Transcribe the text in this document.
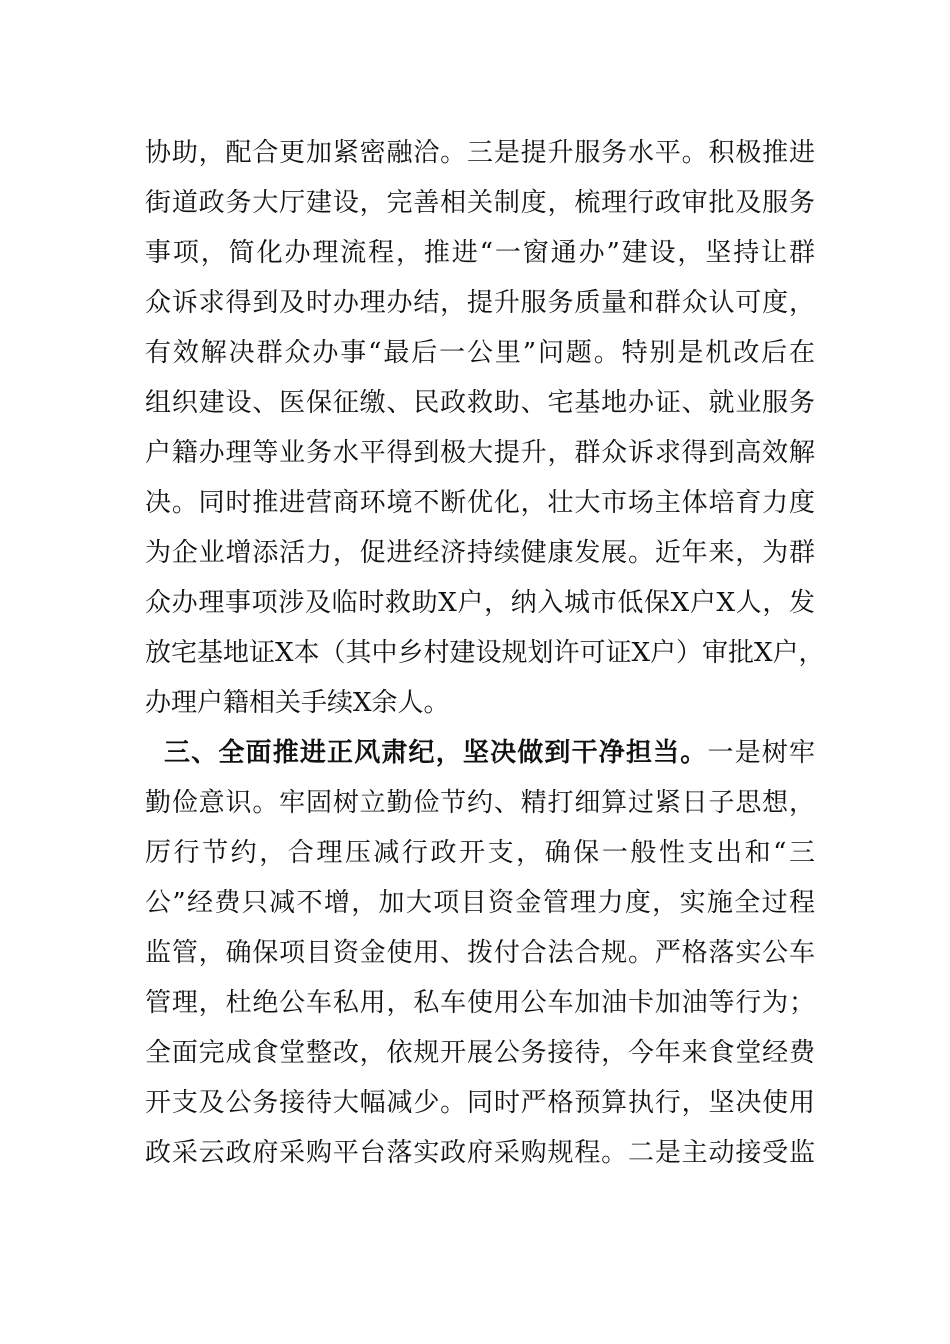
协助，配合更加紧密融洽。三是提升服务水平。积极推进
街道政务大厅建设，完善相关制度，梳理行政审批及服务
事项，简化办理流程，推进“一窗通办”建设，坚持让群
众诉求得到及时办理办结，提升服务质量和群众认可度，
有效解决群众办事“最后一公里”问题。特别是机改后在
组织建设、医保征缴、民政救助、宅基地办证、就业服务
户籍办理等业务水平得到极大提升，群众诉求得到高效解
决。同时推进营商环境不断优化，壮大市场主体培育力度
为企业增添活力，促进经济持续健康发展。近年来，为群
众办理事项涉及临时救助X户，纳入城市低保X户X人，发
放宅基地证X本（其中乡村建设规划许可证X户）审批X户，
办理户籍相关手续X余人。
三、全面推进正风肃纪，坚决做到干净担当。一是树牢
勤俭意识。牢固树立勤俭节约、精打细算过紧日子思想，
厉行节约，合理压减行政开支，确保一般性支出和“三
公”经费只减不增，加大项目资金管理力度，实施全过程
监管，确保项目资金使用、拨付合法合规。严格落实公车
管理，杜绝公车私用，私车使用公车加油卡加油等行为；
全面完成食堂整改，依规开展公务接待，今年来食堂经费
开支及公务接待大幅减少。同时严格预算执行，坚决使用
政采云政府采购平台落实政府采购规程。二是主动接受监
